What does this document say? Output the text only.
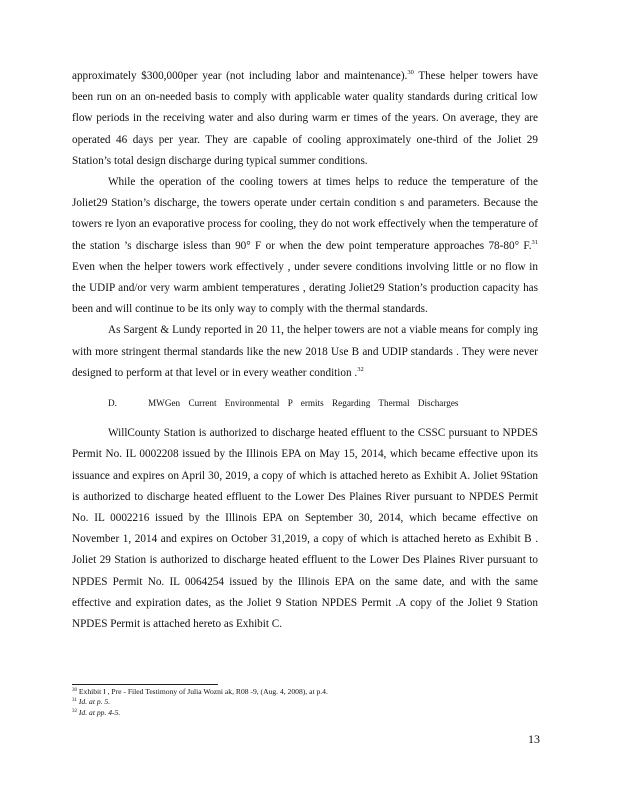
approximately $300,000per year (not including labor and maintenance).$^{30}$ These helper towers have been run on an on-needed basis to comply with applicable water quality standards during critical low flow periods in the receiving water and also during warm er times of the years. On average, they are operated 46 days per year. They are capable of cooling approximately one-third of the Joliet 29 Station’s total design discharge during typical summer conditions.

While the operation of the cooling towers at times helps to reduce the temperature of the Joliet29 Station’s discharge, the towers operate under certain condition s and parameters. Because the towers re lyon an evaporative process for cooling, they do not work effectively when the temperature of the station ’s discharge isless than 90° F or when the dew point temperature approaches 78-80° F.$^{31}$ Even when the helper towers work effectively , under severe conditions involving little or no flow in the UDIP and/or very warm ambient temperatures , derating Joliet29 Station’s production capacity has been and will continue to be its only way to comply with the thermal standards.

As Sargent & Lundy reported in 20 11, the helper towers are not a viable means for comply ing with more stringent thermal standards like the new 2018 Use B and UDIP standards . They were never designed to perform at that level or in every weather condition .$^{32}$

D.	MWGen Current Environmental P ermits Regarding Thermal Discharges

WillCounty Station is authorized to discharge heated effluent to the CSSC pursuant to NPDES Permit No. IL 0002208 issued by the Illinois EPA on May 15, 2014, which became effective upon its issuance and expires on April 30, 2019, a copy of which is attached hereto as Exhibit A. Joliet 9Station is authorized to discharge heated effluent to the Lower Des Plaines River pursuant to NPDES Permit No. IL 0002216 issued by the Illinois EPA on September 30, 2014, which became effective on November 1, 2014 and expires on October 31,2019, a copy of which is attached hereto as Exhibit B . Joliet 29 Station is authorized to discharge heated effluent to the Lower Des Plaines River pursuant to NPDES Permit No. IL 0064254 issued by the Illinois EPA on the same date, and with the same effective and expiration dates, as the Joliet 9 Station NPDES Permit .A copy of the Joliet 9 Station NPDES Permit is attached hereto as Exhibit C.

$^{30}$ Exhibit I , Pre - Filed Testimony of Julia Wozni ak, R08 -9, (Aug. 4, 2008), at p.4.
$^{31}$ Id. at p. 5.
$^{32}$ Id. at pp. 4-5.
13
